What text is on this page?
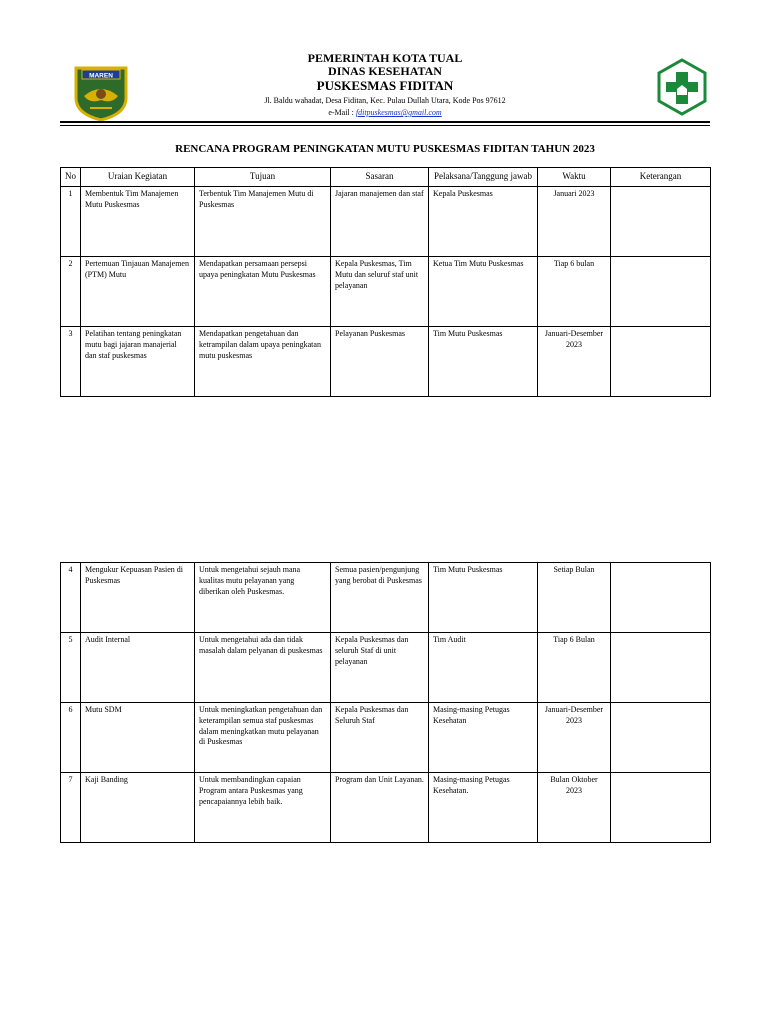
MAREN
PEMERINTAH KOTA TUAL
DINAS KESEHATAN
PUSKESMAS FIDITAN
Jl. Baldu wahadat, Desa Fiditan, Kec. Pulau Dullah Utara, Kode Pos 97612
e-Mail : fditpuskesmas@gmail.com
RENCANA PROGRAM PENINGKATAN MUTU PUSKESMAS FIDITAN TAHUN 2023
No	Uraian Kegiatan	Tujuan	Sasaran	Pelaksana/Tanggung jawab	Waktu	Keterangan
1	Membentuk Tim Manajemen Mutu Puskesmas	Terbentuk Tim Manajemen Mutu di Puskesmas	Jajaran manajemen dan staf	Kepala Puskesmas	Januari 2023	
2	Pertemuan Tinjauan Manajemen (PTM) Mutu	Mendapatkan persamaan persepsi upaya peningkatan Mutu Puskesmas	Kepala Puskesmas, Tim Mutu dan seluruf staf unit pelayanan	Ketua Tim Mutu Puskesmas	Tiap 6 bulan	
3	Pelatihan tentang peningkatan mutu bagi jajaran manajerial dan staf puskesmas	Mendapatkan pengetahuan dan ketrampilan dalam upaya peningkatan mutu puskesmas	Pelayanan Puskesmas	Tim Mutu Puskesmas	Januari-Desember 2023	
4	Mengukur Kepuasan Pasien di Puskesmas	Untuk mengetahui sejauh mana kualitas mutu pelayanan yang diberikan oleh Puskesmas.	Semua pasien/pengunjung yang berobat di Puskesmas	Tim Mutu Puskesmas	Setiap Bulan	
5	Audit Internal	Untuk mengetahui ada dan tidak masalah dalam pelyanan di puskesmas	Kepala Puskesmas dan seluruh Staf di unit pelayanan	Tim Audit	Tiap 6 Bulan	
6	Mutu SDM	Untuk meningkatkan pengetahuan dan keterampilan semua staf puskesmas dalam meningkatkan mutu pelayanan di Puskesmas	Kepala Puskesmas dan Seluruh Staf	Masing-masing Petugas Kesehatan	Januari-Desember 2023	
7	Kaji Banding	Untuk membandingkan capaian Program antara Puskesmas yang pencapaiannya lebih baik.	Program dan Unit Layanan.	Masing-masing Petugas Kesehatan.	Bulan Oktober 2023	
